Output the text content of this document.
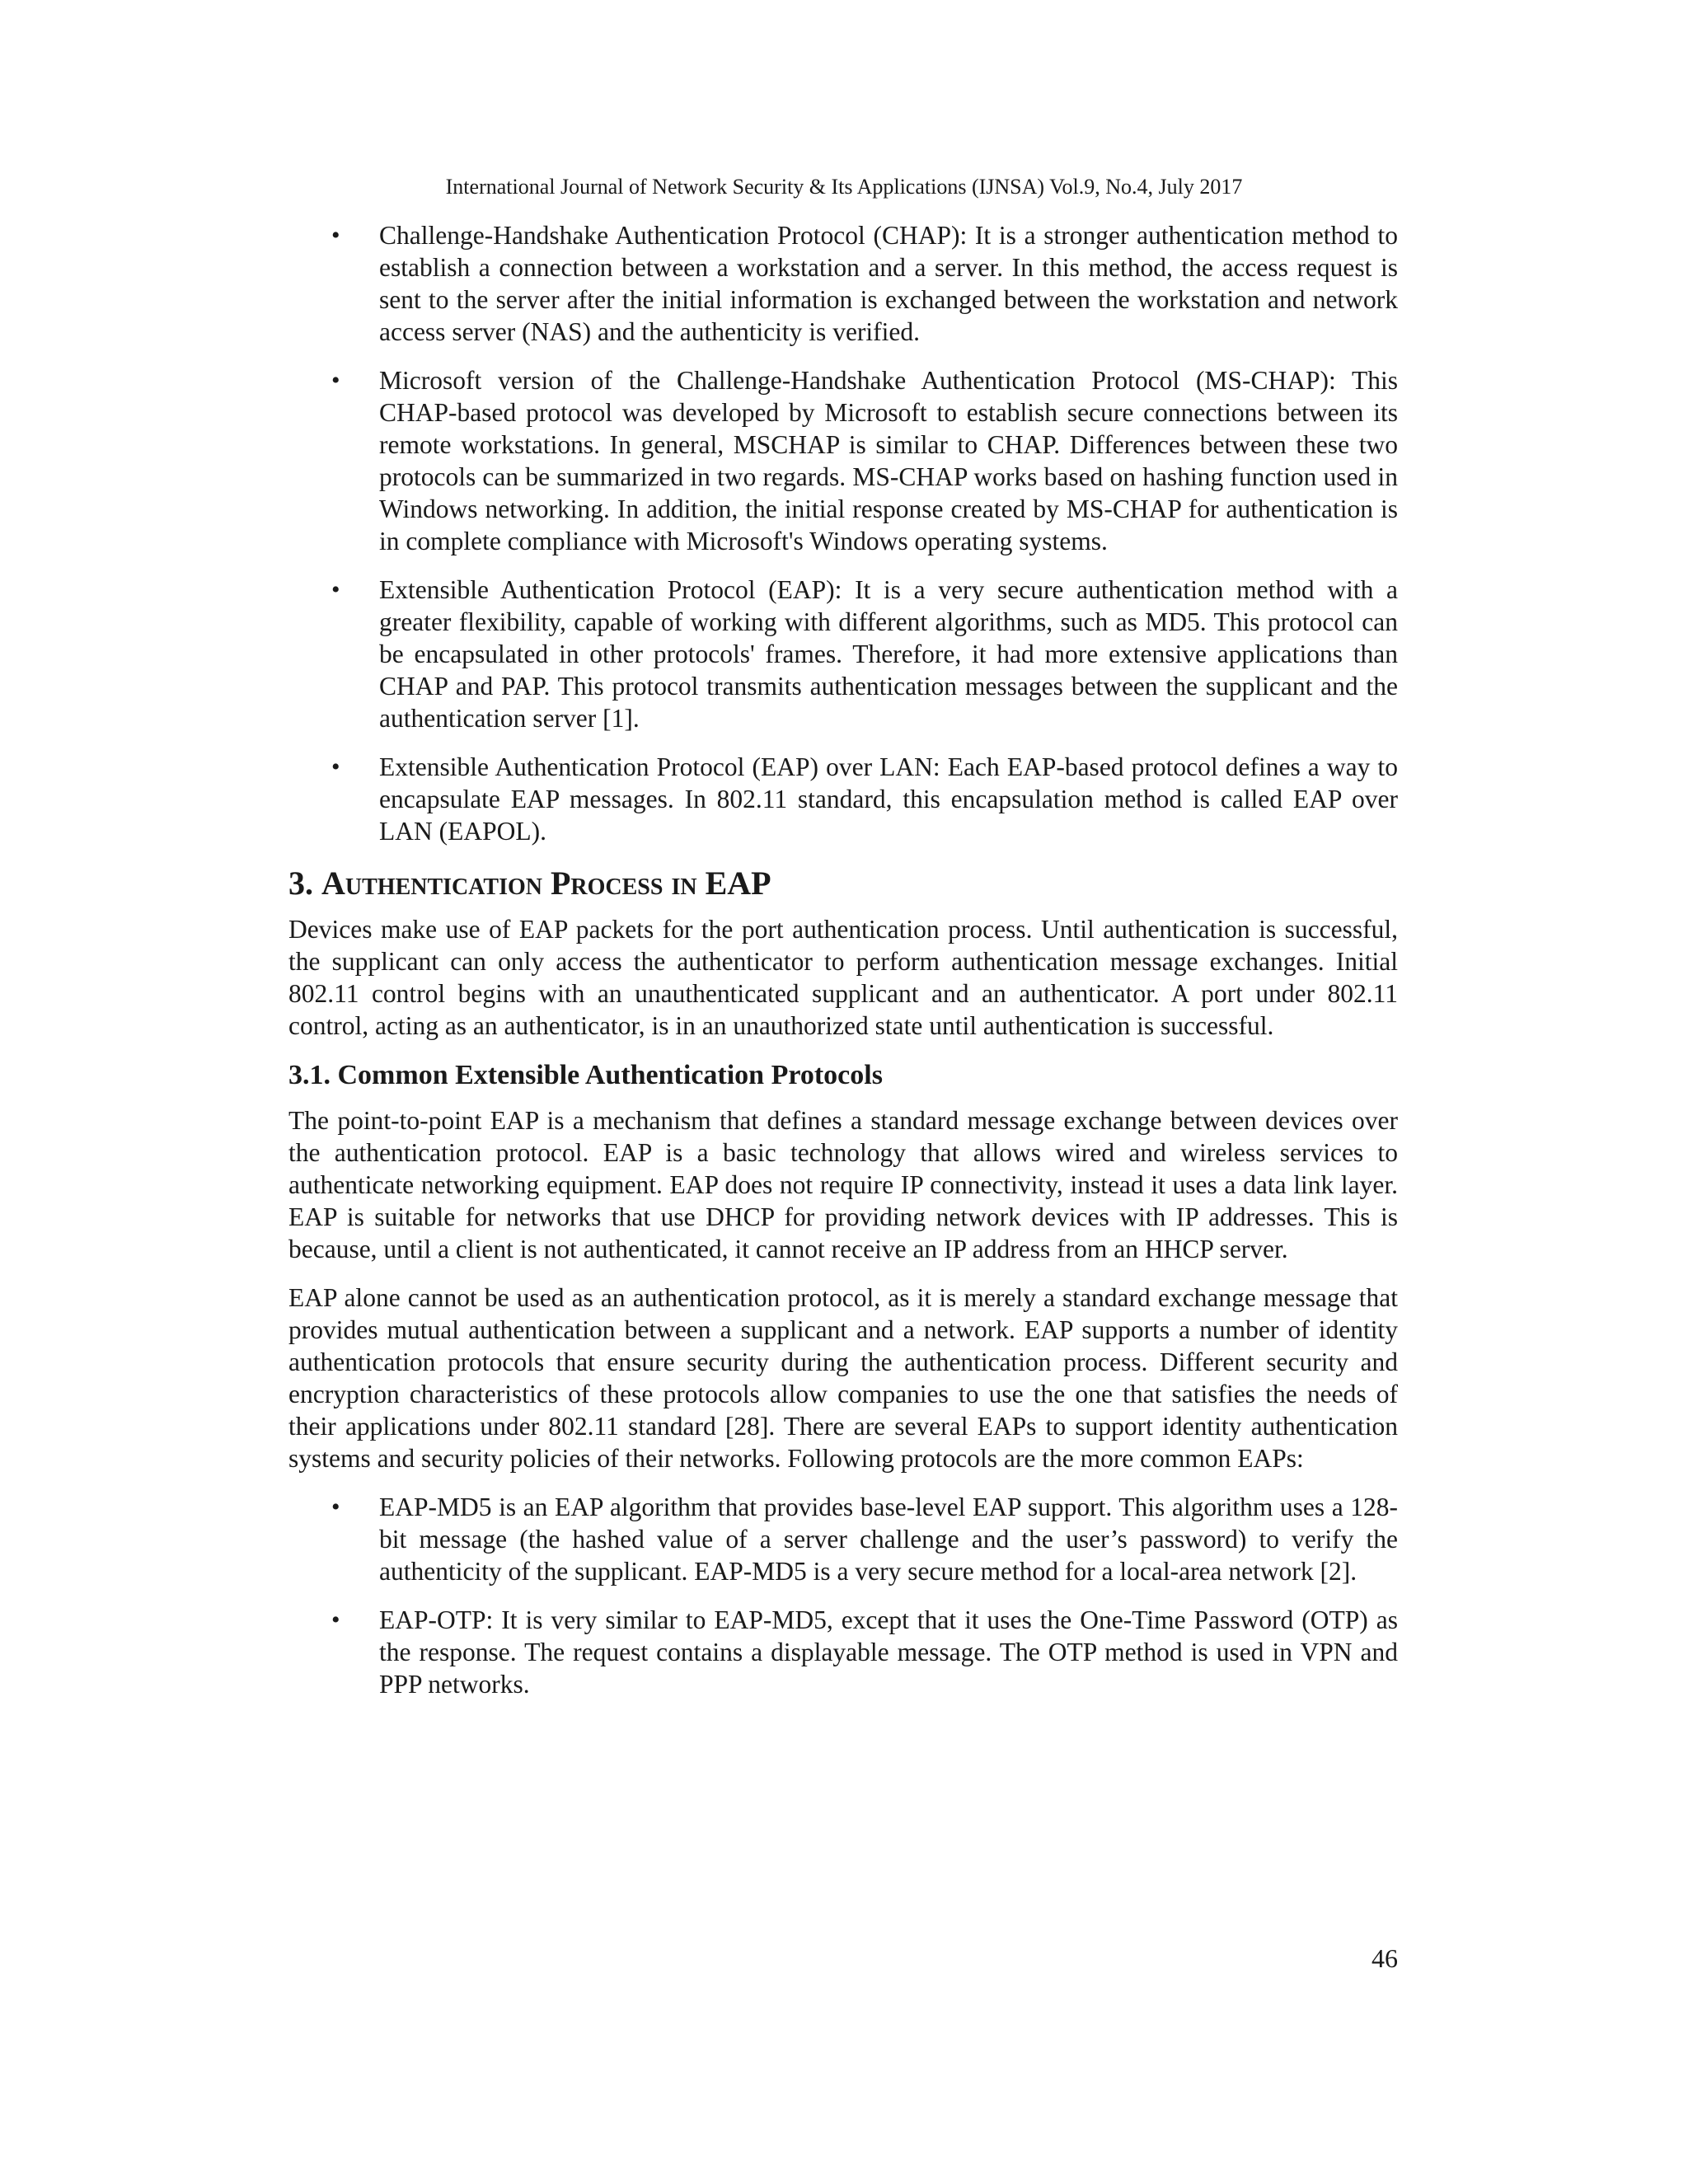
International Journal of Network Security & Its Applications (IJNSA) Vol.9, No.4, July 2017
• Challenge-Handshake Authentication Protocol (CHAP): It is a stronger authentication method to establish a connection between a workstation and a server. In this method, the access request is sent to the server after the initial information is exchanged between the workstation and network access server (NAS) and the authenticity is verified.
• Microsoft version of the Challenge-Handshake Authentication Protocol (MS-CHAP): This CHAP-based protocol was developed by Microsoft to establish secure connections between its remote workstations. In general, MSCHAP is similar to CHAP. Differences between these two protocols can be summarized in two regards. MS-CHAP works based on hashing function used in Windows networking. In addition, the initial response created by MS-CHAP for authentication is in complete compliance with Microsoft's Windows operating systems.
• Extensible Authentication Protocol (EAP): It is a very secure authentication method with a greater flexibility, capable of working with different algorithms, such as MD5. This protocol can be encapsulated in other protocols' frames. Therefore, it had more extensive applications than CHAP and PAP. This protocol transmits authentication messages between the supplicant and the authentication server [1].
• Extensible Authentication Protocol (EAP) over LAN: Each EAP-based protocol defines a way to encapsulate EAP messages. In 802.11 standard, this encapsulation method is called EAP over LAN (EAPOL).
3. Authentication Process in EAP

Devices make use of EAP packets for the port authentication process. Until authentication is successful, the supplicant can only access the authenticator to perform authentication message exchanges. Initial 802.11 control begins with an unauthenticated supplicant and an authenticator. A port under 802.11 control, acting as an authenticator, is in an unauthorized state until authentication is successful.

3.1. Common Extensible Authentication Protocols

The point-to-point EAP is a mechanism that defines a standard message exchange between devices over the authentication protocol. EAP is a basic technology that allows wired and wireless services to authenticate networking equipment. EAP does not require IP connectivity, instead it uses a data link layer. EAP is suitable for networks that use DHCP for providing network devices with IP addresses. This is because, until a client is not authenticated, it cannot receive an IP address from an HHCP server.

EAP alone cannot be used as an authentication protocol, as it is merely a standard exchange message that provides mutual authentication between a supplicant and a network. EAP supports a number of identity authentication protocols that ensure security during the authentication process. Different security and encryption characteristics of these protocols allow companies to use the one that satisfies the needs of their applications under 802.11 standard [28]. There are several EAPs to support identity authentication systems and security policies of their networks. Following protocols are the more common EAPs:

• EAP-MD5 is an EAP algorithm that provides base-level EAP support. This algorithm uses a 128-bit message (the hashed value of a server challenge and the user’s password) to verify the authenticity of the supplicant. EAP-MD5 is a very secure method for a local-area network [2].
• EAP-OTP: It is very similar to EAP-MD5, except that it uses the One-Time Password (OTP) as the response. The request contains a displayable message. The OTP method is used in VPN and PPP networks.
46
